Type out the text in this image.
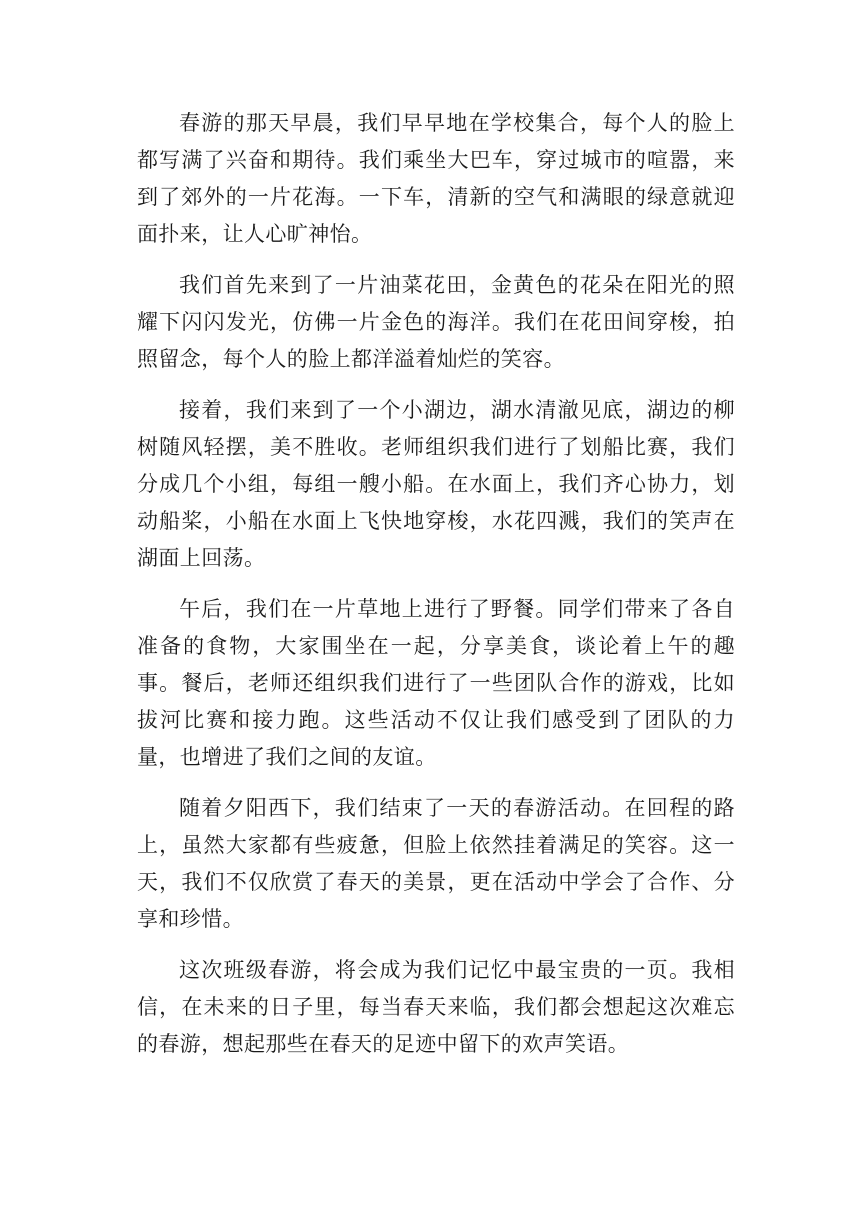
春游的那天早晨，我们早早地在学校集合，每个人的脸上都写满了兴奋和期待。我们乘坐大巴车，穿过城市的喧嚣，来到了郊外的一片花海。一下车，清新的空气和满眼的绿意就迎面扑来，让人心旷神怡。

我们首先来到了一片油菜花田，金黄色的花朵在阳光的照耀下闪闪发光，仿佛一片金色的海洋。我们在花田间穿梭，拍照留念，每个人的脸上都洋溢着灿烂的笑容。

接着，我们来到了一个小湖边，湖水清澈见底，湖边的柳树随风轻摆，美不胜收。老师组织我们进行了划船比赛，我们分成几个小组，每组一艘小船。在水面上，我们齐心协力，划动船桨，小船在水面上飞快地穿梭，水花四溅，我们的笑声在湖面上回荡。

午后，我们在一片草地上进行了野餐。同学们带来了各自准备的食物，大家围坐在一起，分享美食，谈论着上午的趣事。餐后，老师还组织我们进行了一些团队合作的游戏，比如拔河比赛和接力跑。这些活动不仅让我们感受到了团队的力量，也增进了我们之间的友谊。

随着夕阳西下，我们结束了一天的春游活动。在回程的路上，虽然大家都有些疲惫，但脸上依然挂着满足的笑容。这一天，我们不仅欣赏了春天的美景，更在活动中学会了合作、分享和珍惜。

这次班级春游，将会成为我们记忆中最宝贵的一页。我相信，在未来的日子里，每当春天来临，我们都会想起这次难忘的春游，想起那些在春天的足迹中留下的欢声笑语。
